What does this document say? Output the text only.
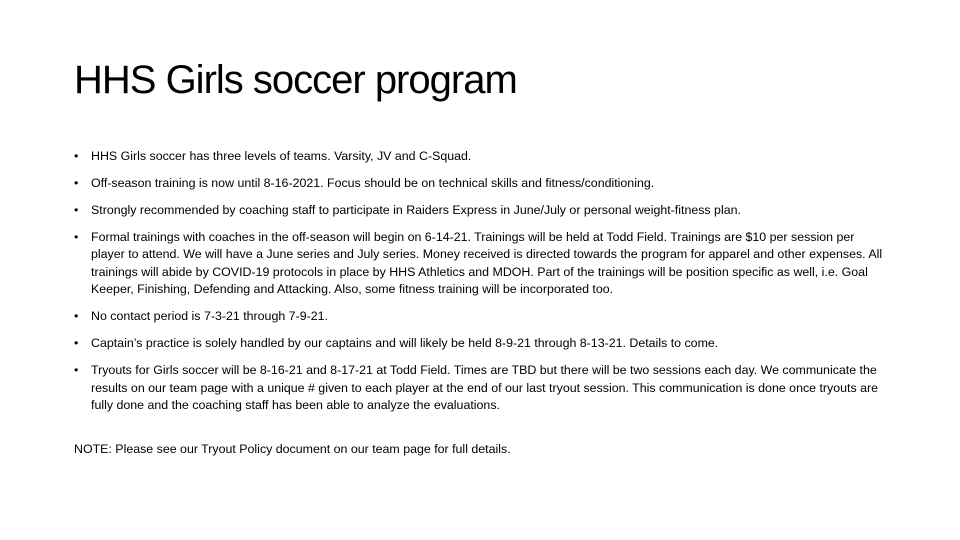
HHS Girls soccer program
•	HHS Girls soccer has three levels of teams. Varsity, JV and C-Squad.
•	Off-season training is now until 8-16-2021. Focus should be on technical skills and fitness/conditioning.
•	Strongly recommended by coaching staff to participate in Raiders Express in June/July or personal weight-fitness plan.
•	Formal trainings with coaches in the off-season will begin on 6-14-21. Trainings will be held at Todd Field. Trainings are $10 per session per player to attend. We will have a June series and July series. Money received is directed towards the program for apparel and other expenses. All trainings will abide by COVID-19 protocols in place by HHS Athletics and MDOH. Part of the trainings will be position specific as well, i.e. Goal Keeper, Finishing, Defending and Attacking. Also, some fitness training will be incorporated too.
•	No contact period is 7-3-21 through 7-9-21.
•	Captain’s practice is solely handled by our captains and will likely be held 8-9-21 through 8-13-21. Details to come.
•	Tryouts for Girls soccer will be 8-16-21 and 8-17-21 at Todd Field. Times are TBD but there will be two sessions each day. We communicate the results on our team page with a unique # given to each player at the end of our last tryout session. This communication is done once tryouts are fully done and the coaching staff has been able to analyze the evaluations.

NOTE: Please see our Tryout Policy document on our team page for full details.
